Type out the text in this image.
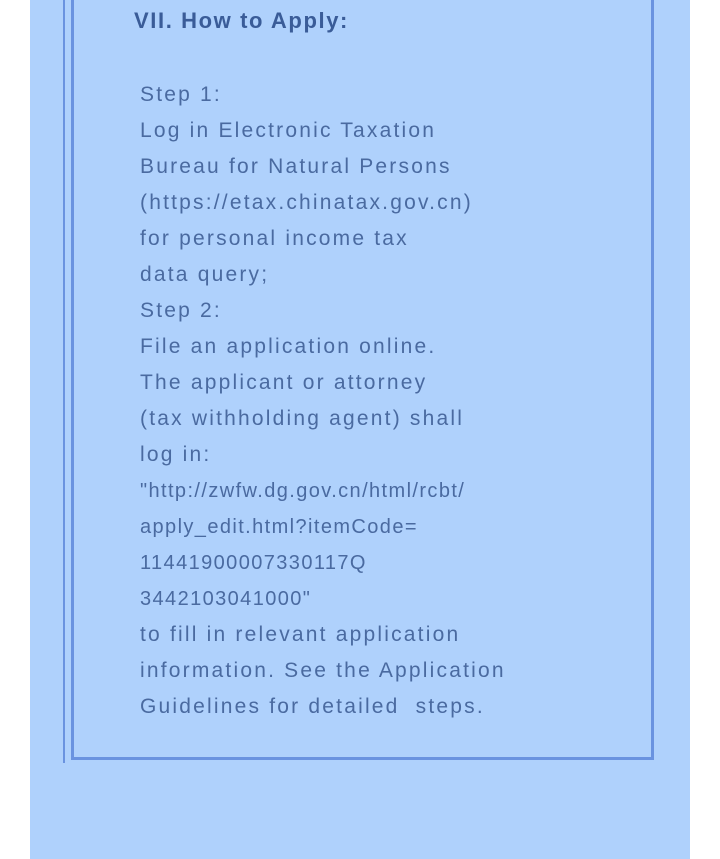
VII. How to Apply:
Step 1:
Log in Electronic Taxation
Bureau for Natural Persons
(https://etax.chinatax.gov.cn)
for personal income tax
data query;
Step 2:
File an application online.
The applicant or attorney
(tax withholding agent) shall
log in:
"http://zwfw.dg.gov.cn/html/rcbt/
apply_edit.html?itemCode=
11441900007330117Q
3442103041000"
to fill in relevant application
information. See the Application
Guidelines for detailed  steps.
